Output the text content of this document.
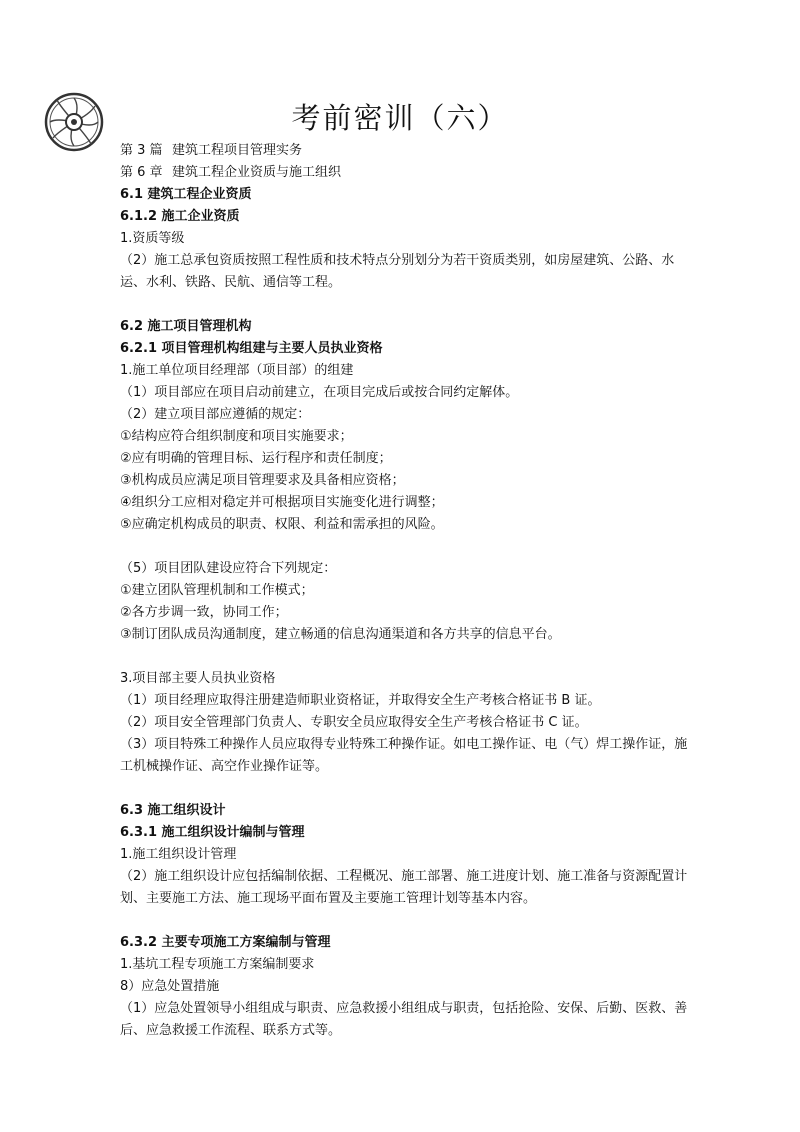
考前密训（六）

第 3 篇 建筑工程项目管理实务

第 6 章 建筑工程企业资质与施工组织

6.1 建筑工程企业资质

6.1.2 施工企业资质

1.资质等级

（2）施工总承包资质按照工程性质和技术特点分别划分为若干资质类别，如房屋建筑、公路、水运、水利、铁路、民航、通信等工程。

6.2 施工项目管理机构

6.2.1 项目管理机构组建与主要人员执业资格

1.施工单位项目经理部（项目部）的组建

（1）项目部应在项目启动前建立，在项目完成后或按合同约定解体。

（2）建立项目部应遵循的规定：

①结构应符合组织制度和项目实施要求；

②应有明确的管理目标、运行程序和责任制度；

③机构成员应满足项目管理要求及具备相应资格；

④组织分工应相对稳定并可根据项目实施变化进行调整；

⑤应确定机构成员的职责、权限、利益和需承担的风险。

（5）项目团队建设应符合下列规定：

①建立团队管理机制和工作模式；

②各方步调一致，协同工作；

③制订团队成员沟通制度，建立畅通的信息沟通渠道和各方共享的信息平台。

3.项目部主要人员执业资格

（1）项目经理应取得注册建造师职业资格证，并取得安全生产考核合格证书 B 证。

（2）项目安全管理部门负责人、专职安全员应取得安全生产考核合格证书 C 证。

（3）项目特殊工种操作人员应取得专业特殊工种操作证。如电工操作证、电（气）焊工操作证，施工机械操作证、高空作业操作证等。

6.3 施工组织设计

6.3.1 施工组织设计编制与管理

1.施工组织设计管理

（2）施工组织设计应包括编制依据、工程概况、施工部署、施工进度计划、施工准备与资源配置计划、主要施工方法、施工现场平面布置及主要施工管理计划等基本内容。

6.3.2 主要专项施工方案编制与管理

1.基坑工程专项施工方案编制要求

8）应急处置措施

（1）应急处置领导小组组成与职责、应急救援小组组成与职责，包括抢险、安保、后勤、医救、善后、应急救援工作流程、联系方式等。
